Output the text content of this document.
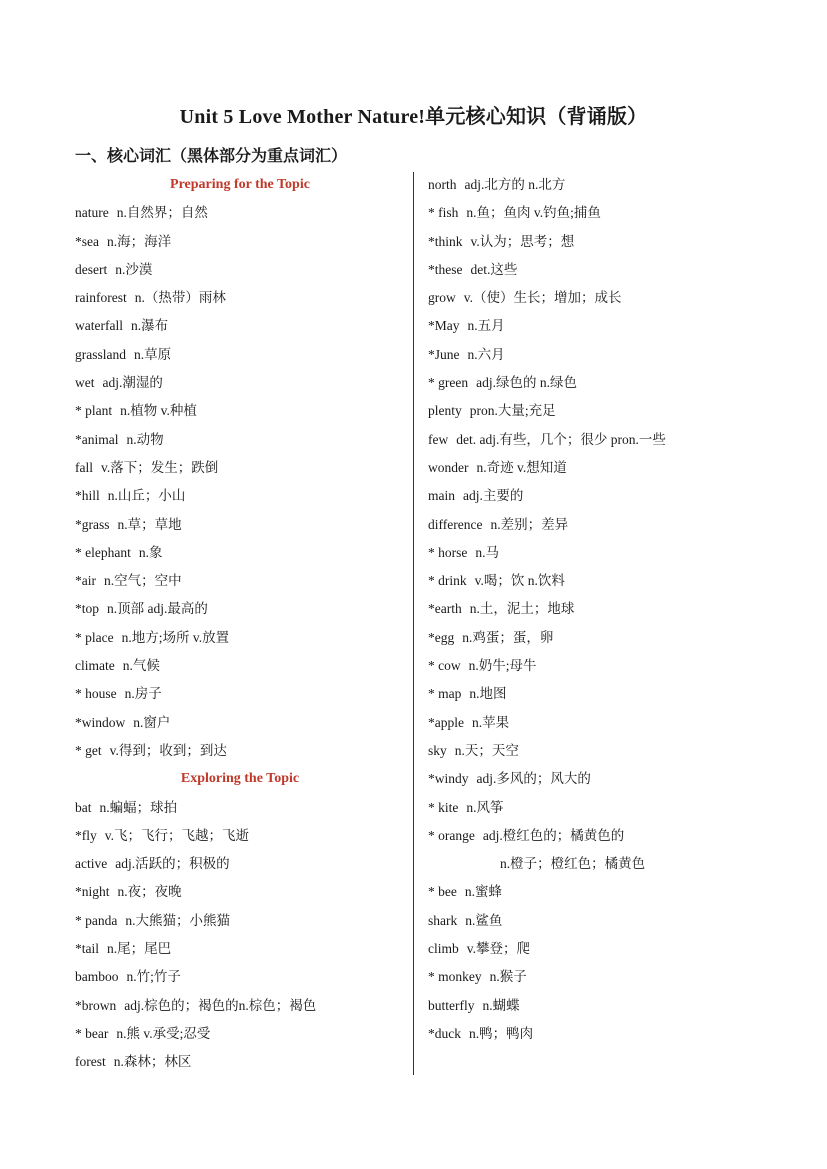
Unit 5 Love Mother Nature!单元核心知识（背诵版）
一、核心词汇（黑体部分为重点词汇）
Preparing for the Topic
nature n.自然界；自然
*sea n.海；海洋
desert n.沙漠
rainforest n.（热带）雨林
waterfall n.瀑布
grassland n.草原
wet adj.潮湿的
* plant n.植物 v.种植
*animal n.动物
fall v.落下；发生；跌倒
*hill n.山丘；小山
*grass n.草；草地
* elephant n.象
*air n.空气；空中
*top n.顶部 adj.最高的
* place n.地方;场所 v.放置
climate n.气候
* house n.房子
*window n.窗户
* get v.得到；收到；到达
Exploring the Topic
bat n.蝙蝠；球拍
*fly v.飞；飞行；飞越；飞逝
active adj.活跃的；积极的
*night n.夜；夜晚
* panda n.大熊猫；小熊猫
*tail n.尾；尾巴
bamboo n.竹;竹子
*brown adj.棕色的；褐色的n.棕色；褐色
* bear n.熊 v.承受;忍受
forest n.森林；林区
north adj.北方的 n.北方
* fish n.鱼；鱼肉 v.钓鱼;捕鱼
*think v.认为；思考；想
*these det.这些
grow v.（使）生长；增加；成长
*May n.五月
*June n.六月
* green adj.绿色的 n.绿色
plenty pron.大量;充足
few det. adj.有些，几个；很少 pron.一些
wonder n.奇迹 v.想知道
main adj.主要的
difference n.差别；差异
* horse n.马
* drink v.喝；饮 n.饮料
*earth n.土，泥土；地球
*egg n.鸡蛋；蛋，卵
* cow n.奶牛;母牛
* map n.地图
*apple n.苹果
sky n.天；天空
*windy adj.多风的；风大的
* kite n.风筝
* orange adj.橙红色的；橘黄色的
n.橙子；橙红色；橘黄色
* bee n.蜜蜂
shark n.鲨鱼
climb v.攀登；爬
* monkey n.猴子
butterfly n.蝴蝶
*duck n.鸭；鸭肉
